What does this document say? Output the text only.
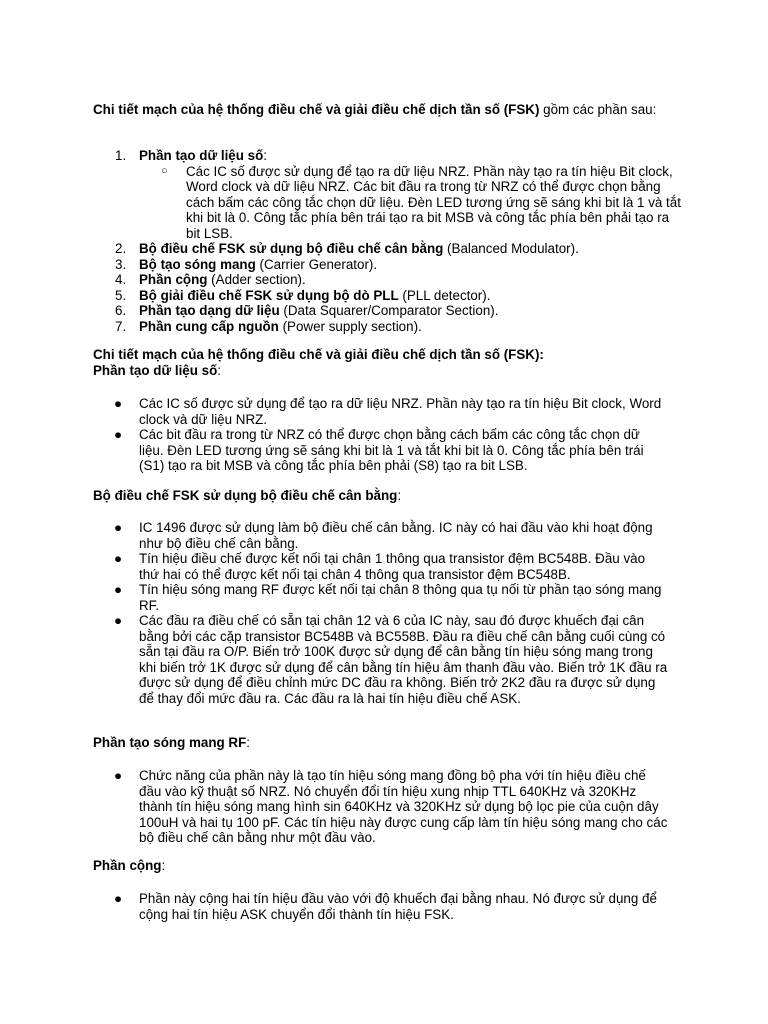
Chi tiết mạch của hệ thống điều chế và giải điều chế dịch tần số (FSK) gồm các phần sau:

1. Phần tạo dữ liệu số:
○ Các IC số được sử dụng để tạo ra dữ liệu NRZ. Phần này tạo ra tín hiệu Bit clock, Word clock và dữ liệu NRZ. Các bit đầu ra trong từ NRZ có thể được chọn bằng cách bấm các công tắc chọn dữ liệu. Đèn LED tương ứng sẽ sáng khi bit là 1 và tắt khi bit là 0. Công tắc phía bên trái tạo ra bit MSB và công tắc phía bên phải tạo ra bit LSB.
2. Bộ điều chế FSK sử dụng bộ điều chế cân bằng (Balanced Modulator).
3. Bộ tạo sóng mang (Carrier Generator).
4. Phần cộng (Adder section).
5. Bộ giải điều chế FSK sử dụng bộ dò PLL (PLL detector).
6. Phần tạo dạng dữ liệu (Data Squarer/Comparator Section).
7. Phần cung cấp nguồn (Power supply section).

Chi tiết mạch của hệ thống điều chế và giải điều chế dịch tần số (FSK):

Phần tạo dữ liệu số:

● Các IC số được sử dụng để tạo ra dữ liệu NRZ. Phần này tạo ra tín hiệu Bit clock, Word clock và dữ liệu NRZ.
● Các bit đầu ra trong từ NRZ có thể được chọn bằng cách bấm các công tắc chọn dữ liệu. Đèn LED tương ứng sẽ sáng khi bit là 1 và tắt khi bit là 0. Công tắc phía bên trái (S1) tạo ra bit MSB và công tắc phía bên phải (S8) tạo ra bit LSB.

Bộ điều chế FSK sử dụng bộ điều chế cân bằng:

● IC 1496 được sử dụng làm bộ điều chế cân bằng. IC này có hai đầu vào khi hoạt động như bộ điều chế cân bằng.
● Tín hiệu điều chế được kết nối tại chân 1 thông qua transistor đệm BC548B. Đầu vào thứ hai có thể được kết nối tại chân 4 thông qua transistor đệm BC548B.
● Tín hiệu sóng mang RF được kết nối tại chân 8 thông qua tụ nối từ phần tạo sóng mang RF.
● Các đầu ra điều chế có sẵn tại chân 12 và 6 của IC này, sau đó được khuếch đại cân bằng bởi các cặp transistor BC548B và BC558B. Đầu ra điều chế cân bằng cuối cùng có sẵn tại đầu ra O/P. Biến trở 100K được sử dụng để cân bằng tín hiệu sóng mang trong khi biến trở 1K được sử dụng để cân bằng tín hiệu âm thanh đầu vào. Biến trở 1K đầu ra được sử dụng để điều chỉnh mức DC đầu ra không. Biến trở 2K2 đầu ra được sử dụng để thay đổi mức đầu ra. Các đầu ra là hai tín hiệu điều chế ASK.

Phần tạo sóng mang RF:

● Chức năng của phần này là tạo tín hiệu sóng mang đồng bộ pha với tín hiệu điều chế đầu vào kỹ thuật số NRZ. Nó chuyển đổi tín hiệu xung nhịp TTL 640KHz và 320KHz thành tín hiệu sóng mang hình sin 640KHz và 320KHz sử dụng bộ lọc pie của cuộn dây 100uH và hai tụ 100 pF. Các tín hiệu này được cung cấp làm tín hiệu sóng mang cho các bộ điều chế cân bằng như một đầu vào.

Phần cộng:

● Phần này cộng hai tín hiệu đầu vào với độ khuếch đại bằng nhau. Nó được sử dụng để cộng hai tín hiệu ASK chuyển đổi thành tín hiệu FSK.
